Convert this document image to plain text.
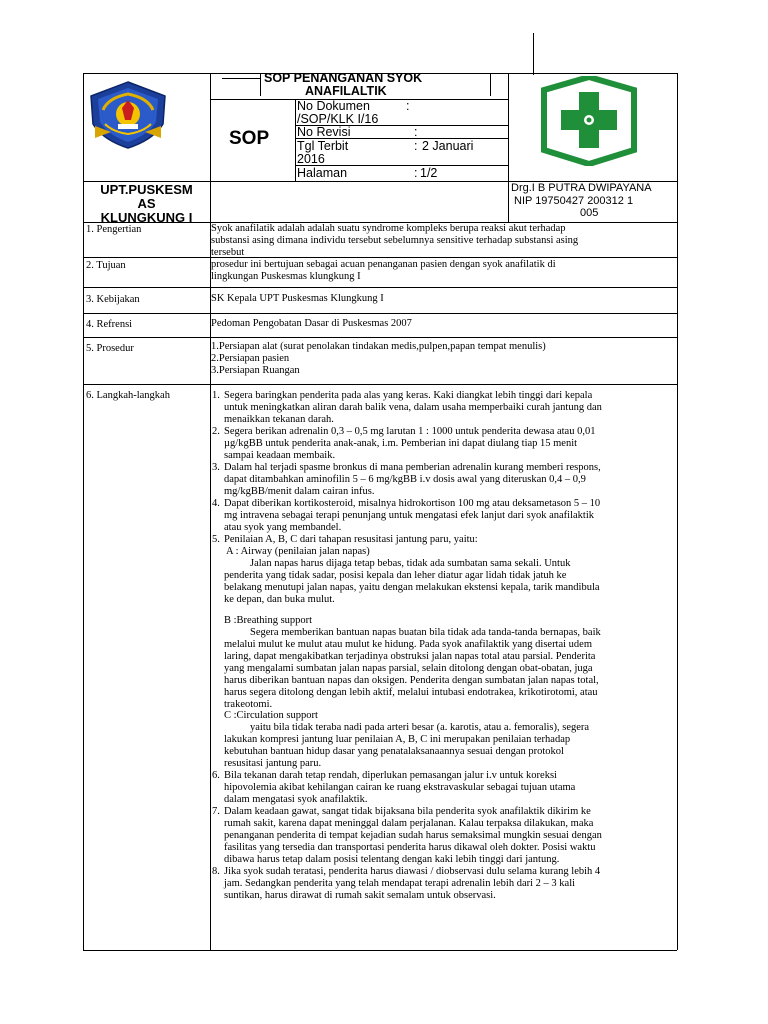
SOP PENANGANAN SYOK
ANAFILALTIK
SOP
No Dokumen	:
/SOP/KLK I/16
No Revisi	:
Tgl Terbit	: 2 Januari
2016
Halaman	: 1/2
UPT.PUSKESM
AS
KLUNGKUNG I
Drg.I B PUTRA DWIPAYANA
NIP 19750427 200312 1
005
1. Pengertian	Syok anafilatik adalah adalah suatu syndrome kompleks berupa reaksi akut terhadap
substansi asing dimana individu tersebut sebelumnya sensitive terhadap substansi asing
tersebut
2. Tujuan	prosedur ini bertujuan sebagai acuan penanganan pasien dengan syok anafilatik di
lingkungan Puskesmas klungkung I
3. Kebijakan	SK Kepala UPT Puskesmas Klungkung I
4. Refrensi	Pedoman Pengobatan Dasar di Puskesmas 2007
5. Prosedur	1.Persiapan alat (surat penolakan tindakan medis,pulpen,papan tempat menulis)
2.Persiapan pasien
3.Persiapan Ruangan
6. Langkah-langkah	1. Segera baringkan penderita pada alas yang keras. Kaki diangkat lebih tinggi dari kepala
untuk meningkatkan aliran darah balik vena, dalam usaha memperbaiki curah jantung dan
menaikkan tekanan darah.
2. Segera berikan adrenalin 0,3 – 0,5 mg larutan 1 : 1000 untuk penderita dewasa atau 0,01
µg/kgBB untuk penderita anak-anak, i.m. Pemberian ini dapat diulang tiap 15 menit
sampai keadaan membaik.
3. Dalam hal terjadi spasme bronkus di mana pemberian adrenalin kurang memberi respons,
dapat ditambahkan aminofilin 5 – 6 mg/kgBB i.v dosis awal yang diteruskan 0,4 – 0,9
mg/kgBB/menit dalam cairan infus.
4. Dapat diberikan kortikosteroid, misalnya hidrokortison 100 mg atau deksametason 5 – 10
mg intravena sebagai terapi penunjang untuk mengatasi efek lanjut dari syok anafilaktik
atau syok yang membandel.
5. Penilaian A, B, C dari tahapan resusitasi jantung paru, yaitu:
A : Airway (penilaian jalan napas)
Jalan napas harus dijaga tetap bebas, tidak ada sumbatan sama sekali. Untuk
penderita yang tidak sadar, posisi kepala dan leher diatur agar lidah tidak jatuh ke
belakang menutupi jalan napas, yaitu dengan melakukan ekstensi kepala, tarik mandibula
ke depan, dan buka mulut.
B :Breathing support
Segera memberikan bantuan napas buatan bila tidak ada tanda-tanda bernapas, baik
melalui mulut ke mulut atau mulut ke hidung. Pada syok anafilaktik yang disertai udem
laring, dapat mengakibatkan terjadinya obstruksi jalan napas total atau parsial. Penderita
yang mengalami sumbatan jalan napas parsial, selain ditolong dengan obat-obatan, juga
harus diberikan bantuan napas dan oksigen. Penderita dengan sumbatan jalan napas total,
harus segera ditolong dengan lebih aktif, melalui intubasi endotrakea, krikotirotomi, atau
trakeotomi.
C :Circulation support
yaitu bila tidak teraba nadi pada arteri besar (a. karotis, atau a. femoralis), segera
lakukan kompresi jantung luar penilaian A, B, C ini merupakan penilaian terhadap
kebutuhan bantuan hidup dasar yang penatalaksanaannya sesuai dengan protokol
resusitasi jantung paru.
6. Bila tekanan darah tetap rendah, diperlukan pemasangan jalur i.v untuk koreksi
hipovolemia akibat kehilangan cairan ke ruang ekstravaskular sebagai tujuan utama
dalam mengatasi syok anafilaktik.
7. Dalam keadaan gawat, sangat tidak bijaksana bila penderita syok anafilaktik dikirim ke
rumah sakit, karena dapat meninggal dalam perjalanan. Kalau terpaksa dilakukan, maka
penanganan penderita di tempat kejadian sudah harus semaksimal mungkin sesuai dengan
fasilitas yang tersedia dan transportasi penderita harus dikawal oleh dokter. Posisi waktu
dibawa harus tetap dalam posisi telentang dengan kaki lebih tinggi dari jantung.
8. Jika syok sudah teratasi, penderita harus diawasi / diobservasi dulu selama kurang lebih 4
jam. Sedangkan penderita yang telah mendapat terapi adrenalin lebih dari 2 – 3 kali
suntikan, harus dirawat di rumah sakit semalam untuk observasi.
